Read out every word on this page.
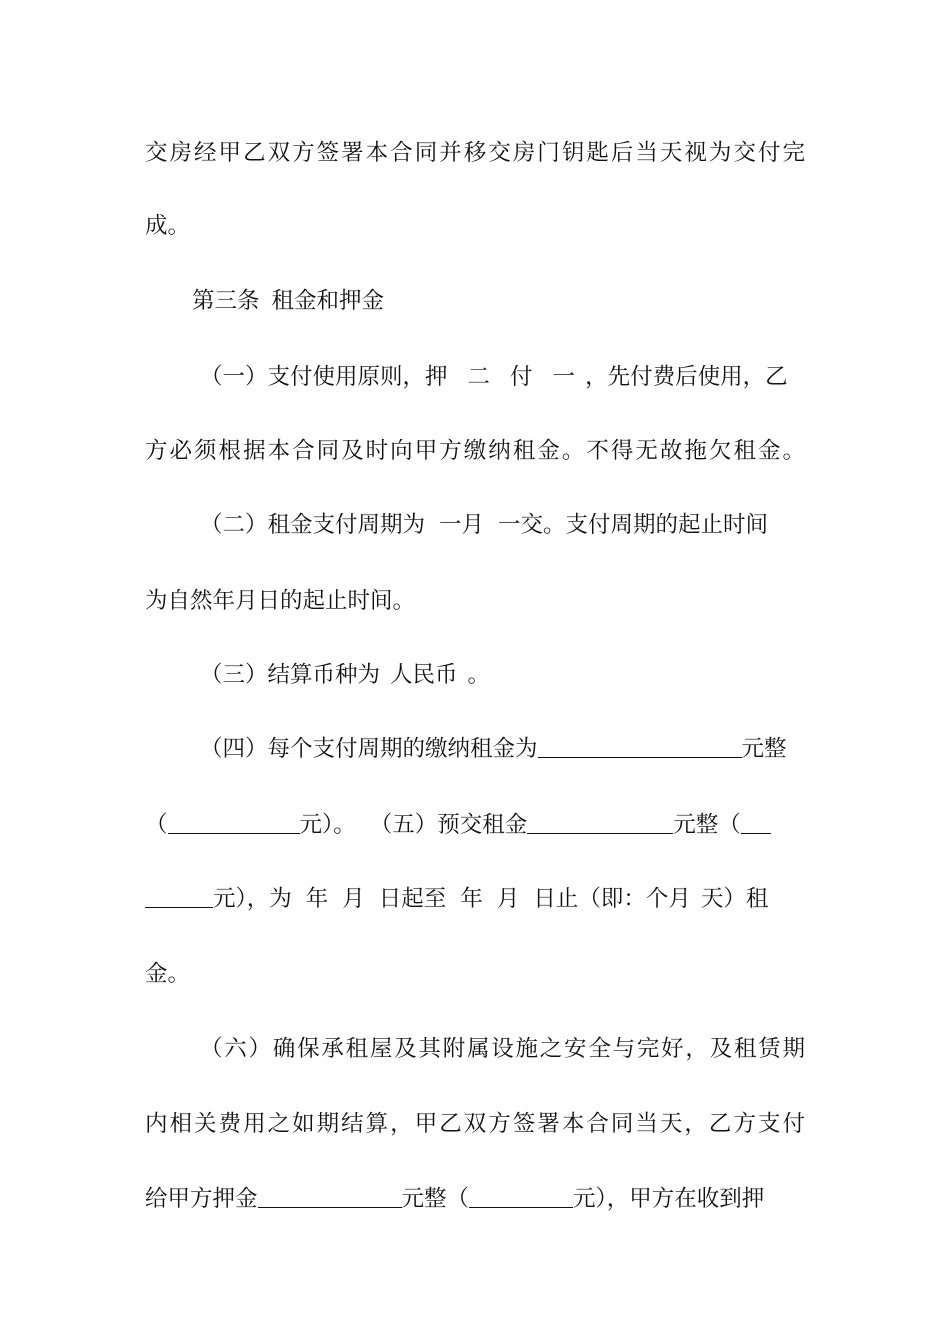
交房经甲乙双方签署本合同并移交房门钥匙后当天视为交付完
成。
第三条 租金和押金
（一）支付使用原则，押 二 付 一 ，先付费后使用，乙
方必须根据本合同及时向甲方缴纳租金。不得无故拖欠租金。
（二）租金支付周期为 一月 一交。支付周期的起止时间
为自然年月日的起止时间。
（三）结算币种为 人民币 。
（四）每个支付周期的缴纳租金为	元整
（	元）。 （五）预交租金	元整（
元），为 年 月 日起至 年 月 日止（即：个月 天）租
金。
（六）确保承租屋及其附属设施之安全与完好，及租赁期
内相关费用之如期结算，甲乙双方签署本合同当天，乙方支付
给甲方押金	元整（	元），甲方在收到押
